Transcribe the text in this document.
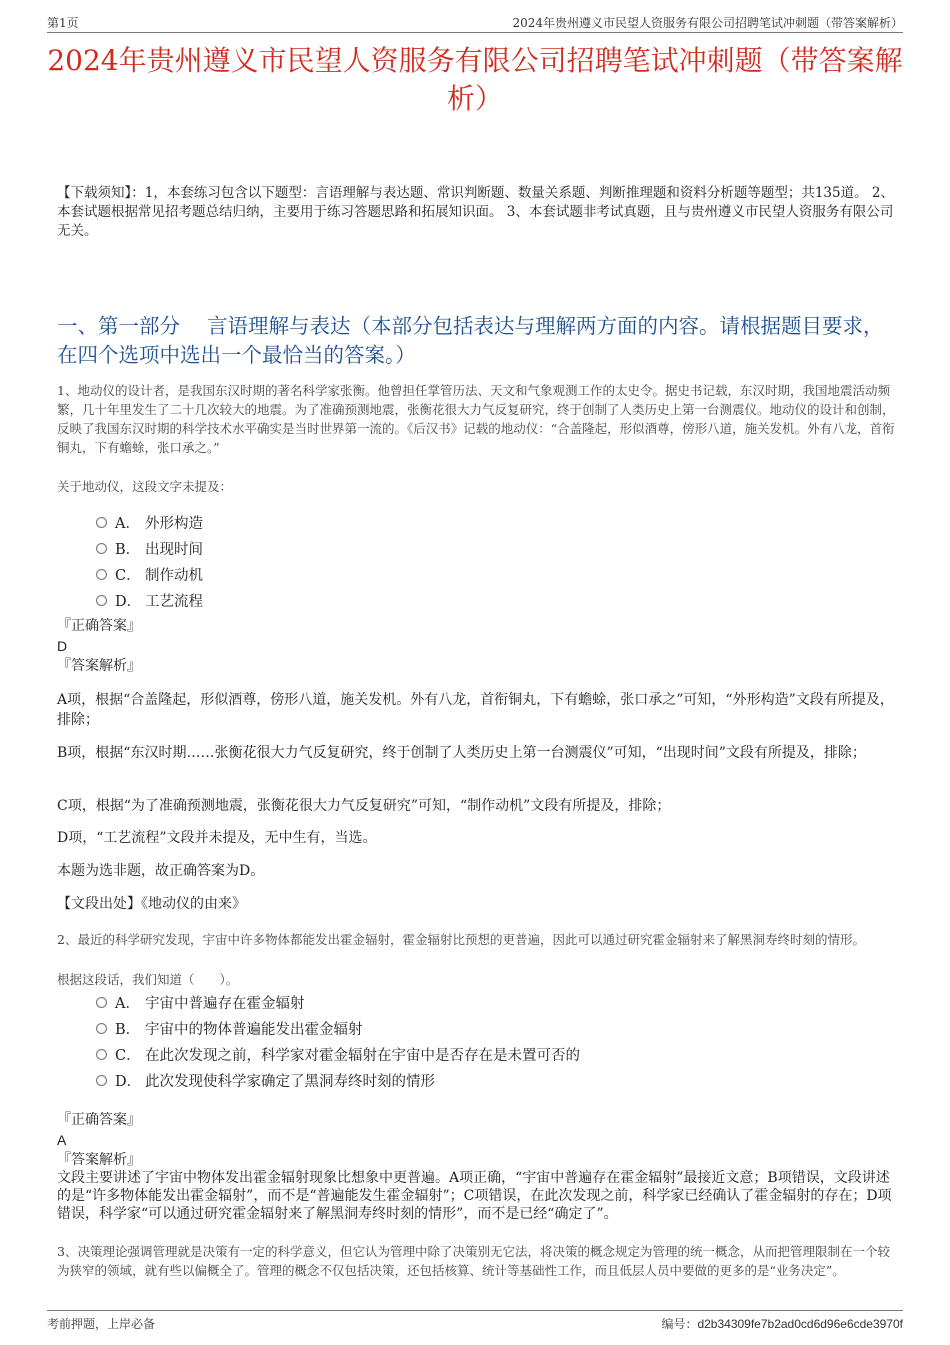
第1页	2024年贵州遵义市民望人资服务有限公司招聘笔试冲刺题（带答案解析）
2024年贵州遵义市民望人资服务有限公司招聘笔试冲刺题（带答案解析）
【下载须知】：1，本套练习包含以下题型：言语理解与表达题、常识判断题、数量关系题、判断推理题和资料分析题等题型；共135道。 2、本套试题根据常见招考题总结归纳，主要用于练习答题思路和拓展知识面。 3、本套试题非考试真题，且与贵州遵义市民望人资服务有限公司无关。
一、第一部分　 言语理解与表达（本部分包括表达与理解两方面的内容。请根据题目要求，在四个选项中选出一个最恰当的答案。）
1、地动仪的设计者，是我国东汉时期的著名科学家张衡。他曾担任掌管历法、天文和气象观测工作的太史令。据史书记载，东汉时期，我国地震活动频繁，几十年里发生了二十几次较大的地震。为了准确预测地震，张衡花很大力气反复研究，终于创制了人类历史上第一台测震仪。地动仪的设计和创制，反映了我国东汉时期的科学技术水平确实是当时世界第一流的。《后汉书》记载的地动仪：“合盖隆起，形似酒尊，傍形八道，施关发机。外有八龙，首衔铜丸，下有蟾蜍，张口承之。”
关于地动仪，这段文字未提及：
A． 外形构造
B． 出现时间
C． 制作动机
D． 工艺流程
『正确答案』
D
『答案解析』
A项，根据“合盖隆起，形似酒尊，傍形八道，施关发机。外有八龙，首衔铜丸，下有蟾蜍，张口承之”可知，“外形构造”文段有所提及，排除；
B项，根据“东汉时期……张衡花很大力气反复研究，终于创制了人类历史上第一台测震仪”可知，“出现时间”文段有所提及，排除；
C项，根据“为了准确预测地震，张衡花很大力气反复研究”可知，“制作动机”文段有所提及，排除；
D项，“工艺流程”文段并未提及，无中生有，当选。
本题为选非题，故正确答案为D。
【文段出处】《地动仪的由来》
2、最近的科学研究发现，宇宙中许多物体都能发出霍金辐射，霍金辐射比预想的更普遍，因此可以通过研究霍金辐射来了解黑洞寿终时刻的情形。
根据这段话，我们知道（　　）。
A． 宇宙中普遍存在霍金辐射
B． 宇宙中的物体普遍能发出霍金辐射
C． 在此次发现之前，科学家对霍金辐射在宇宙中是否存在是未置可否的
D． 此次发现使科学家确定了黑洞寿终时刻的情形
『正确答案』
A
『答案解析』
文段主要讲述了宇宙中物体发出霍金辐射现象比想象中更普遍。A项正确，“宇宙中普遍存在霍金辐射”最接近文意；B项错误，文段讲述的是“许多物体能发出霍金辐射”，而不是“普遍能发生霍金辐射”；C项错误，在此次发现之前，科学家已经确认了霍金辐射的存在；D项错误，科学家“可以通过研究霍金辐射来了解黑洞寿终时刻的情形”，而不是已经“确定了”。
3、决策理论强调管理就是决策有一定的科学意义，但它认为管理中除了决策别无它法，将决策的概念规定为管理的统一概念，从而把管理限制在一个较为狭窄的领域，就有些以偏概全了。管理的概念不仅包括决策，还包括核算、统计等基础性工作，而且低层人员中要做的更多的是“业务决定”。
考前押题，上岸必备	编号：d2b34309fe7b2ad0cd6d96e6cde3970f
